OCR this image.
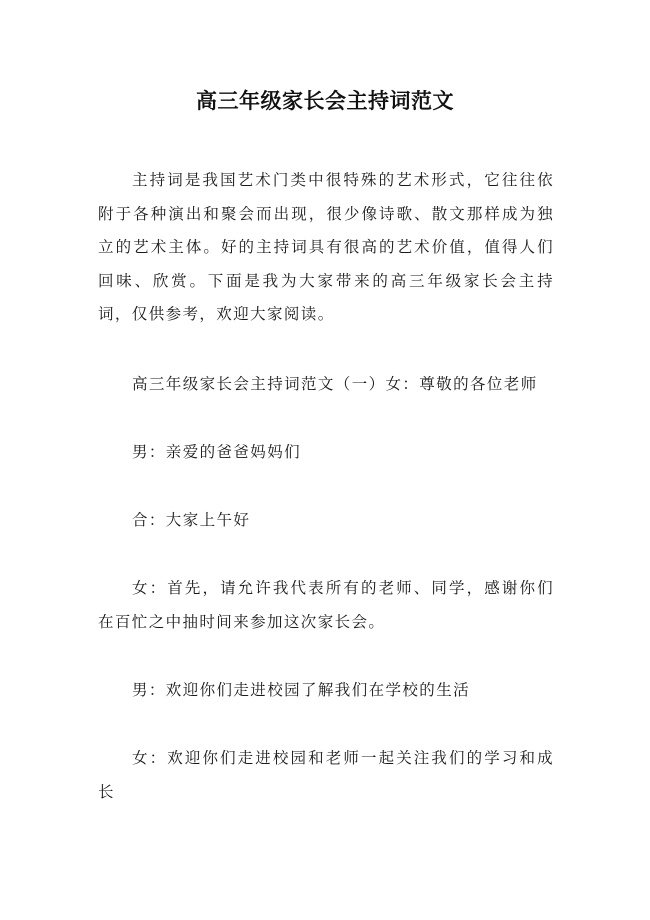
高三年级家长会主持词范文

主持词是我国艺术门类中很特殊的艺术形式，它往往依附于各种演出和聚会而出现，很少像诗歌、散文那样成为独立的艺术主体。好的主持词具有很高的艺术价值，值得人们回味、欣赏。下面是我为大家带来的高三年级家长会主持词，仅供参考，欢迎大家阅读。

高三年级家长会主持词范文（一）女：尊敬的各位老师

男：亲爱的爸爸妈妈们

合：大家上午好

女：首先，请允许我代表所有的老师、同学，感谢你们在百忙之中抽时间来参加这次家长会。

男：欢迎你们走进校园了解我们在学校的生活

女：欢迎你们走进校园和老师一起关注我们的学习和成长
